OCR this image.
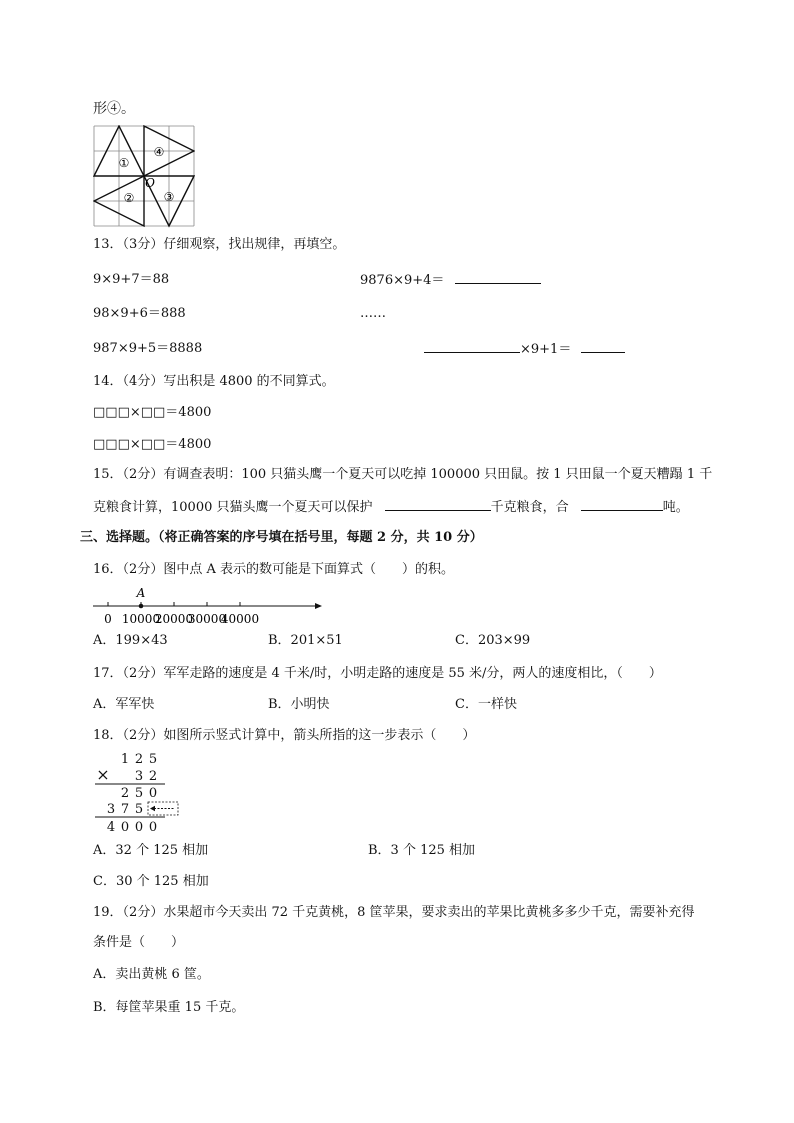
形④。
①
④
② ③
O
13．（3分）仔细观察，找出规律，再填空。
9×9+7＝88
98×9+6＝888
987×9+5＝8888
9876×9+4＝
……
×9+1＝
14．（4分）写出积是 4800 的不同算式。
□□□×□□＝4800
□□□×□□＝4800
15．（2分）有调查表明：100 只猫头鹰一个夏天可以吃掉 100000 只田鼠。按 1 只田鼠一个夏天糟蹋 1 千
克粮食计算，10000 只猫头鹰一个夏天可以保护	千克粮食，合	吨。
三、选择题。（将正确答案的序号填在括号里，每题 2 分，共 10 分）
16．（2分）图中点 A 表示的数可能是下面算式（　　）的积。
0 10000
20000
30000
40000
A
A．199×43	B．201×51	C．203×99
17．（2分）军军走路的速度是 4 千米/时，小明走路的速度是 55 米/分，两人的速度相比，（　　）
A．军军快	B．小明快	C．一样快
18．（2分）如图所示竖式计算中，箭头所指的这一步表示（　　）
1 2 5
× 3 2
2 5 0
3 7 5
4 0 0 0
A．32 个 125 相加	B．3 个 125 相加
C．30 个 125 相加
19．（2分）水果超市今天卖出 72 千克黄桃，8 筐苹果，要求卖出的苹果比黄桃多多少千克，需要补充得
条件是（　　）
A．卖出黄桃 6 筐。
B．每筐苹果重 15 千克。
